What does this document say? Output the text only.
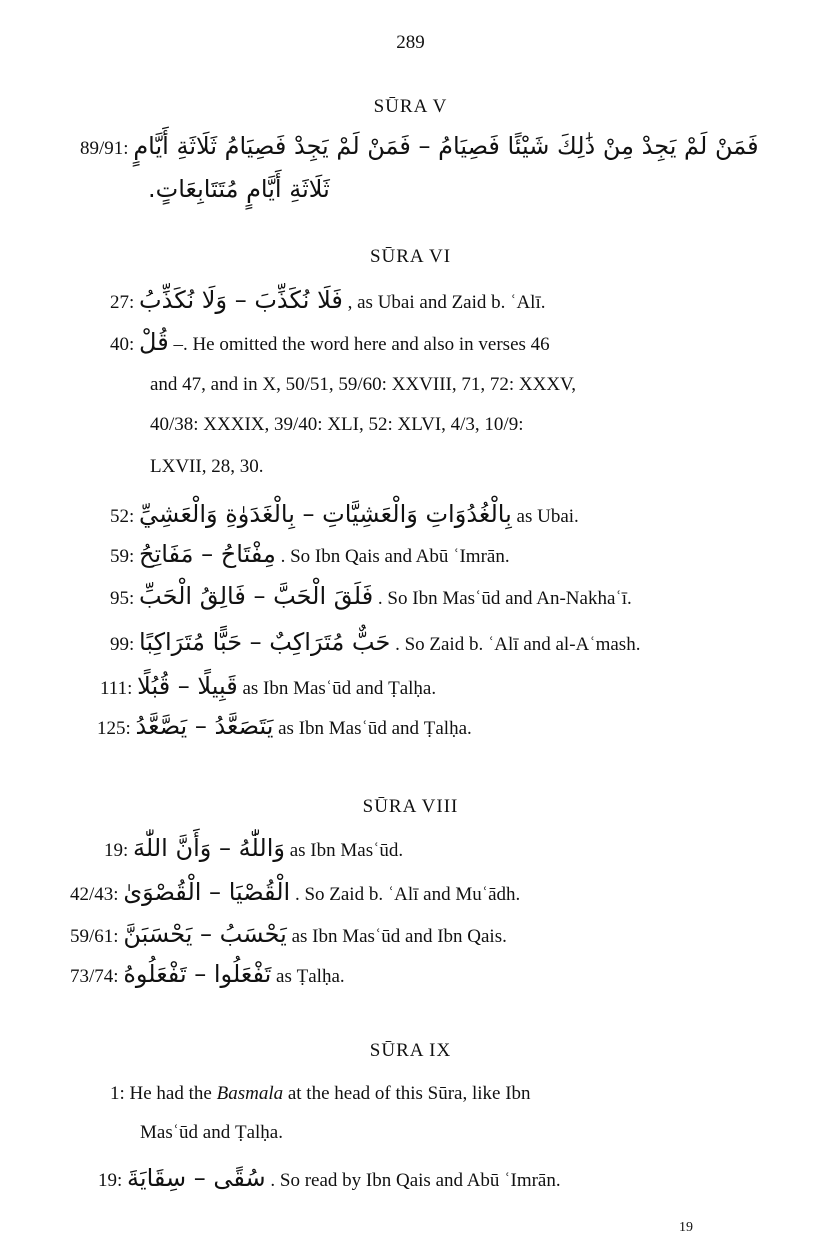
289
SŪRA V
89/91: فَمَنْ لَمْ يَجِدْ مِنْ ذَٰلِكَ شَيْئًا فَصِيَامُ – فَمَنْ لَمْ يَجِدْ فَصِيَامُ ثَلَاثَةِ أَيَّامٍ
ثَلَاثَةِ أَيَّامٍ مُتَتَابِعَاتٍ.
SŪRA VI
27: فَلَا نُكَذِّبَ – وَلَا نُكَذِّبُ , as Ubai and Zaid b. ʿAlī.
40: قُلْ –. He omitted the word here and also in verses 46
and 47, and in X, 50/51, 59/60: XXVIII, 71, 72: XXXV,
40/38: XXXIX, 39/40: XLI, 52: XLVI, 4/3, 10/9:
LXVII, 28, 30.
52: بِالْغُدُوَاتِ وَالْعَشِيَّاتِ – بِالْغَدَوٰةِ وَالْعَشِيِّ as Ubai.
59: مِفْتَاحُ – مَفَاتِحُ . So Ibn Qais and Abū ʿImrān.
95: فَلَقَ الْحَبَّ – فَالِقُ الْحَبِّ . So Ibn Masʿūd and An-Nakhaʿī.
99: حَبٌّ مُتَرَاكِبٌ – حَبًّا مُتَرَاكِبًا . So Zaid b. ʿAlī and al-Aʿmash.
111: قَبِيلًا – قُبُلًا as Ibn Masʿūd and Ṭalḥa.
125: يَتَصَعَّدُ – يَصَّعَّدُ as Ibn Masʿūd and Ṭalḥa.
SŪRA VIII
19: وَاللّٰهُ – وَأَنَّ اللّٰهَ as Ibn Masʿūd.
42/43: الْقُصْيَا – الْقُصْوَىٰ . So Zaid b. ʿAlī and Muʿādh.
59/61: يَحْسَبُ – يَحْسَبَنَّ as Ibn Masʿūd and Ibn Qais.
73/74: تَفْعَلُوا – تَفْعَلُوهُ as Ṭalḥa.
SŪRA IX
1: He had the Basmala at the head of this Sūra, like Ibn
Masʿūd and Ṭalḥa.
19: سُقًى – سِقَايَةَ . So read by Ibn Qais and Abū ʿImrān.
19
